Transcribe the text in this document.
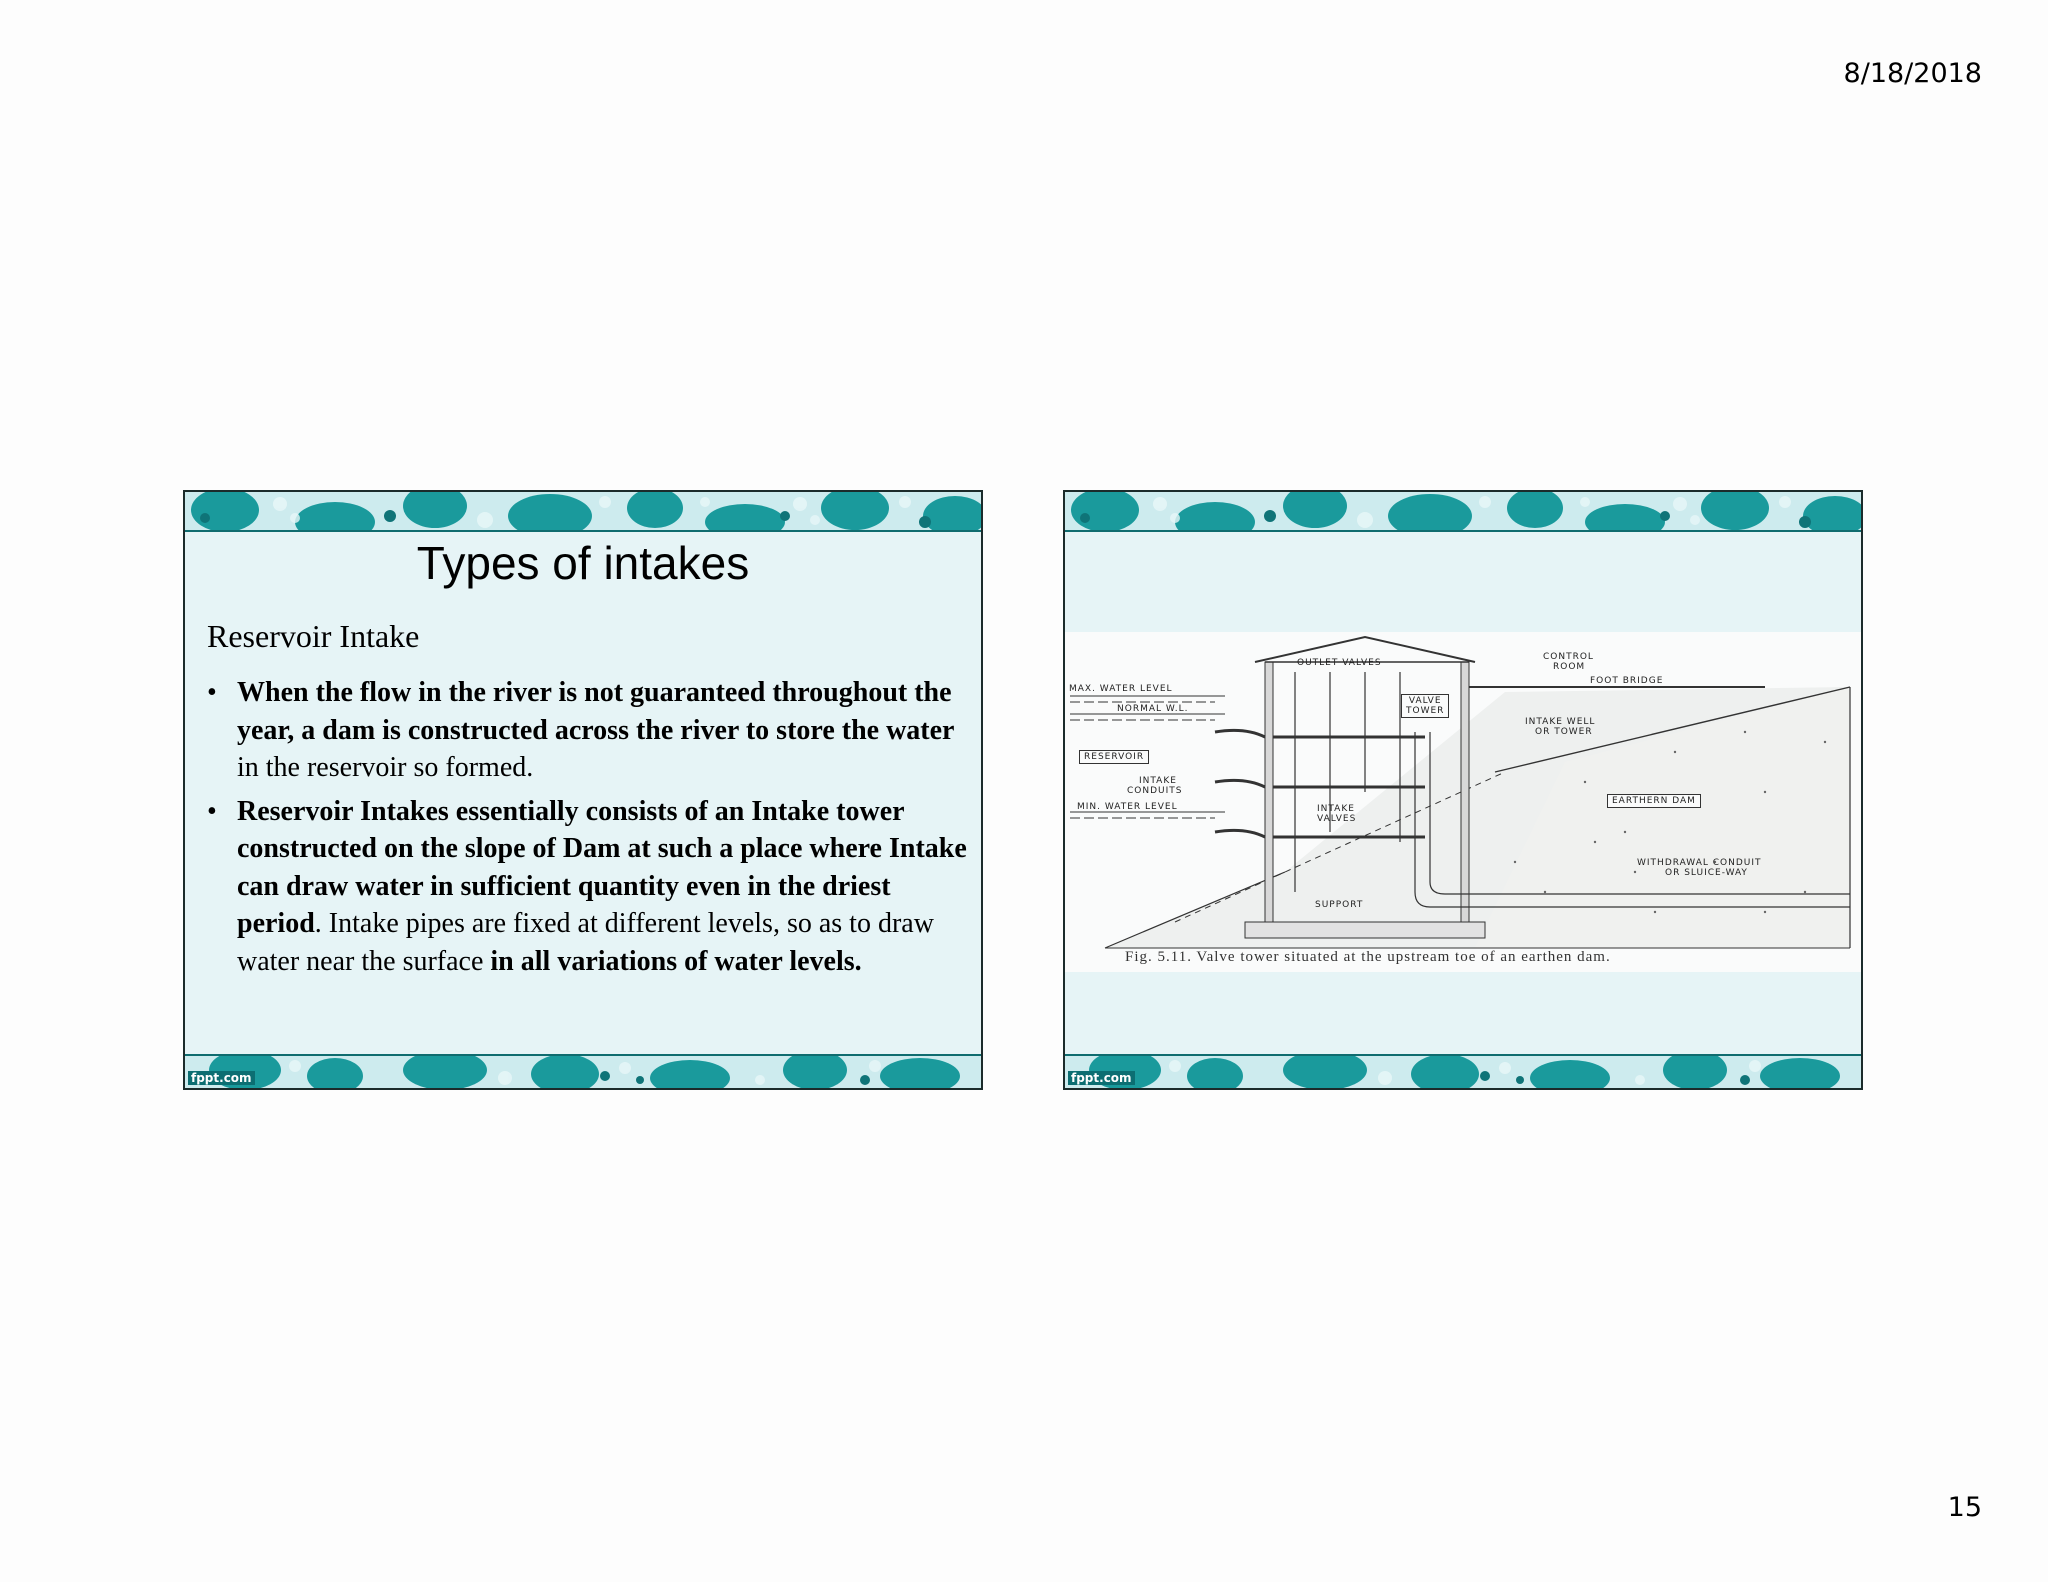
8/18/2018
Types of intakes
Reservoir Intake
• When the flow in the river is not guaranteed throughout the year, a dam is constructed across the river to store the water in the reservoir so formed.
• Reservoir Intakes essentially consists of an Intake tower constructed on the slope of Dam at such a place where Intake can draw water in sufficient quantity even in the driest period. Intake pipes are fixed at different levels, so as to draw water near the surface in all variations of water levels.
fppt.com
OUTLET VALVES
CONTROL
ROOM
FOOT BRIDGE
MAX. WATER LEVEL
NORMAL W.L.
VALVE
TOWER
INTAKE WELL
OR TOWER
RESERVOIR
INTAKE
CONDUITS
MIN. WATER LEVEL	INTAKE
VALVES
EARTHERN DAM
WITHDRAWAL CONDUIT
OR SLUICE-WAY
SUPPORT
Fig. 5.11. Valve tower situated at the upstream toe of an earthen dam.
fppt.com
15
